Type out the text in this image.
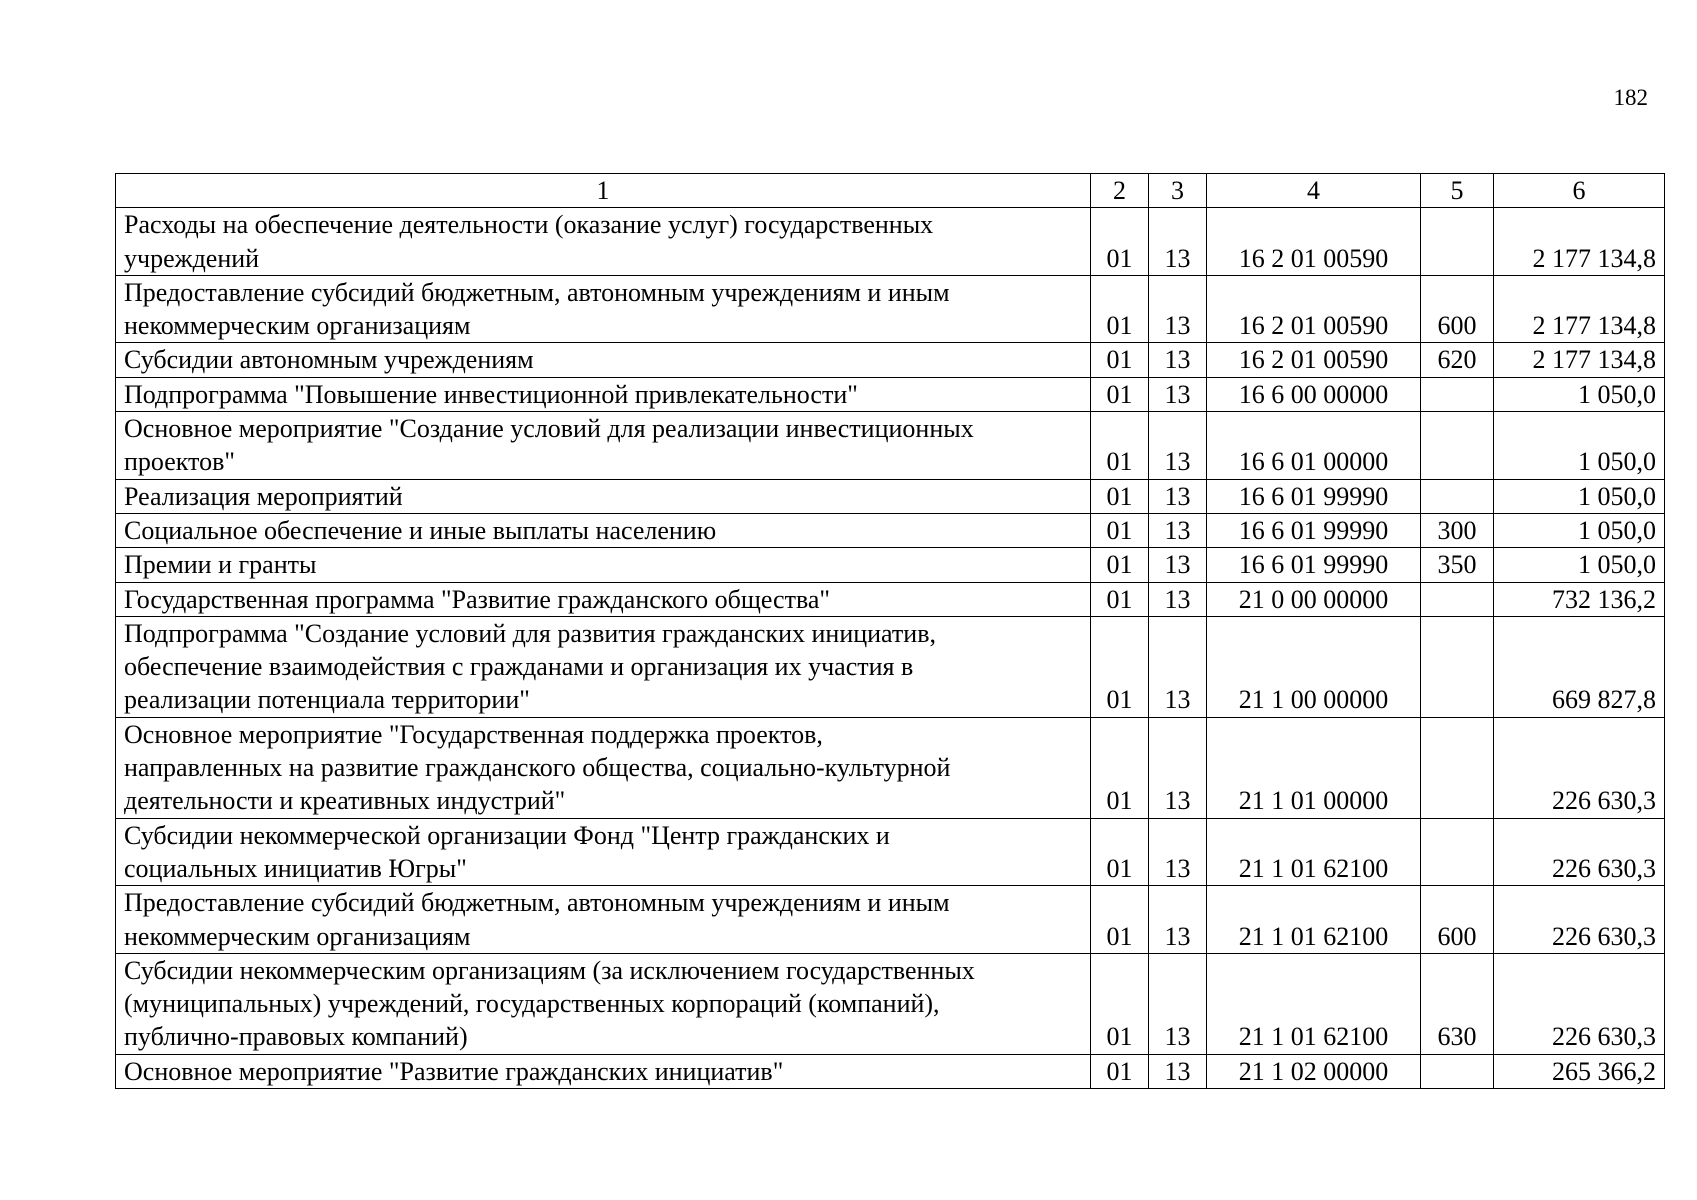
182
1	2	3	4	5	6

Расходы на обеспечение деятельности (оказание услуг) государственных
учреждений	01	13	16 2 01 00590		2 177 134,8

Предоставление субсидий бюджетным, автономным учреждениям и иным
некоммерческим организациям	01	13	16 2 01 00590	600	2 177 134,8

Субсидии автономным учреждениям	01	13	16 2 01 00590	620	2 177 134,8

Подпрограмма "Повышение инвестиционной привлекательности"	01	13	16 6 00 00000		1 050,0

Основное мероприятие "Создание условий для реализации инвестиционных
проектов"	01	13	16 6 01 00000		1 050,0

Реализация мероприятий	01	13	16 6 01 99990		1 050,0

Социальное обеспечение и иные выплаты населению	01	13	16 6 01 99990	300	1 050,0

Премии и гранты	01	13	16 6 01 99990	350	1 050,0

Государственная программа "Развитие гражданского общества"	01	13	21 0 00 00000		732 136,2

Подпрограмма "Создание условий для развития гражданских инициатив,
обеспечение взаимодействия с гражданами и организация их участия в
реализации потенциала территории"	01	13	21 1 00 00000		669 827,8

Основное мероприятие "Государственная поддержка проектов,
направленных на развитие гражданского общества, социально-культурной
деятельности и креативных индустрий"	01	13	21 1 01 00000		226 630,3

Субсидии некоммерческой организации Фонд "Центр гражданских и
социальных инициатив Югры"	01	13	21 1 01 62100		226 630,3

Предоставление субсидий бюджетным, автономным учреждениям и иным
некоммерческим организациям	01	13	21 1 01 62100	600	226 630,3

Субсидии некоммерческим организациям (за исключением государственных
(муниципальных) учреждений, государственных корпораций (компаний),
публично-правовых компаний)	01	13	21 1 01 62100	630	226 630,3

Основное мероприятие "Развитие гражданских инициатив"	01	13	21 1 02 00000		265 366,2
